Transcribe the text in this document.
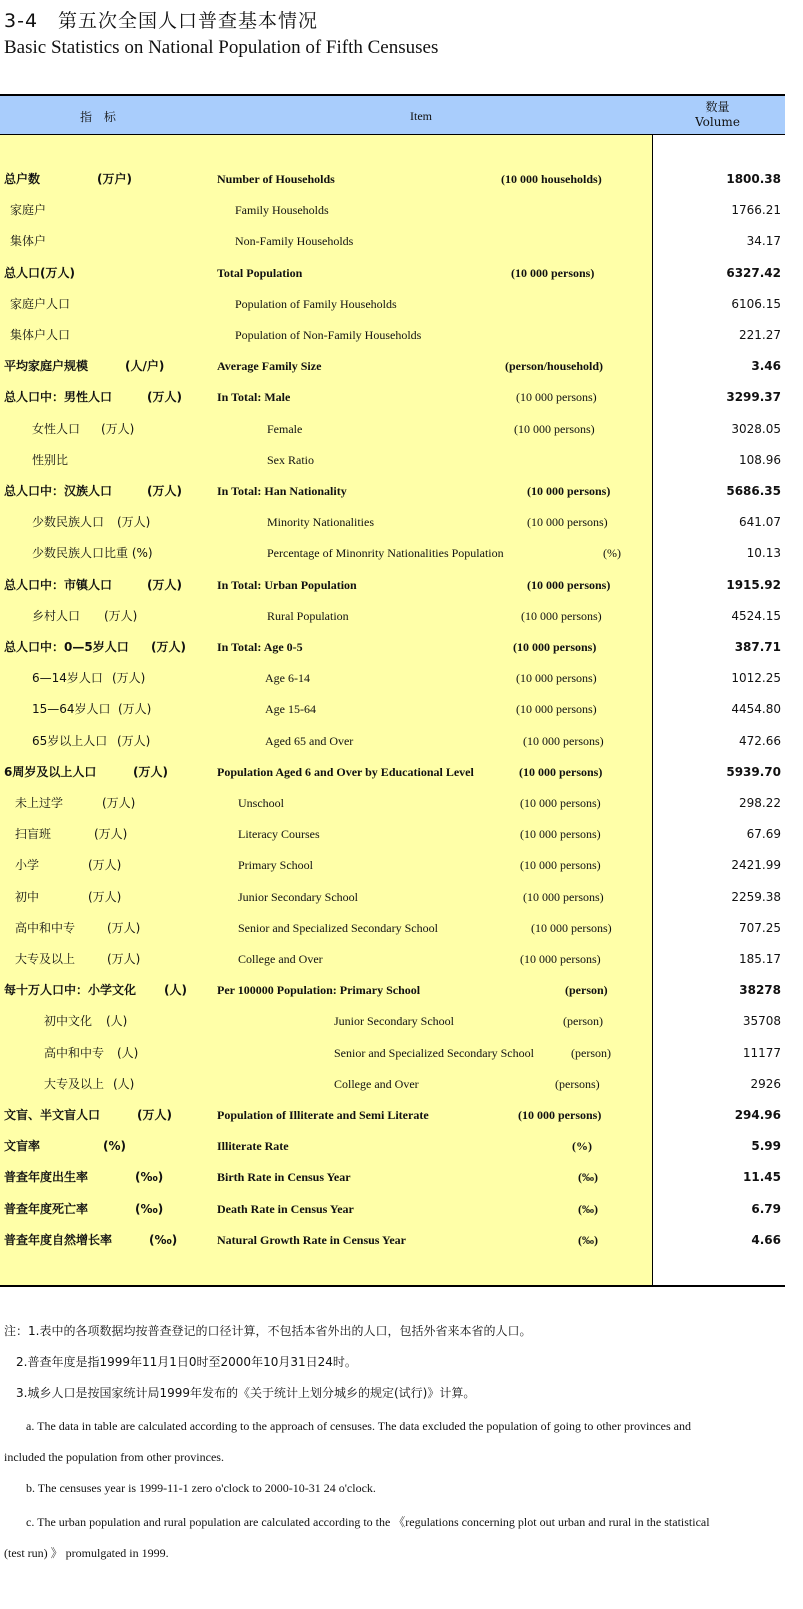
3-4　第五次全国人口普查基本情况
Basic Statistics on National Population of Fifth Censuses
指 标	Item
数量
Volume
总户数	(万户)	Number of Households	(10 000 households)	1800.38
家庭户	Family Households	1766.21
集体户	Non-Family Households	34.17
总人口(万人)	Total Population	(10 000 persons)	6327.42
家庭户人口	Population of Family Households	6106.15
集体户人口	Population of Non-Family Households	221.27
平均家庭户规模	(人/户)	Average Family Size	(person/household)	3.46
总人口中：男性人口	(万人)	In Total: Male	(10 000 persons)	3299.37
女性人口 (万人)	Female	(10 000 persons)	3028.05
性别比	Sex Ratio	108.96
总人口中：汉族人口	(万人)	In Total: Han Nationality	(10 000 persons)	5686.35
少数民族人口 (万人)	Minority Nationalities	(10 000 persons)	641.07
少数民族人口比重 (%)	Percentage of Minonrity Nationalities Population	(%)	10.13
总人口中：市镇人口	(万人)	In Total: Urban Population	(10 000 persons)	1915.92
乡村人口 (万人)	Rural Population	(10 000 persons)	4524.15
总人口中：0—5岁人口 (万人)	In Total: Age 0-5	(10 000 persons)	387.71
6—14岁人口 (万人)	Age 6-14	(10 000 persons)	1012.25
15—64岁人口 (万人)	Age 15-64	(10 000 persons)	4454.80
65岁以上人口 (万人)	Aged 65 and Over	(10 000 persons)	472.66
6周岁及以上人口	(万人)	Population Aged 6 and Over by Educational Level	(10 000 persons)	5939.70
未上过学	(万人)	Unschool	(10 000 persons)	298.22
扫盲班	(万人)	Literacy Courses	(10 000 persons)	67.69
小学	(万人)	Primary School	(10 000 persons)	2421.99
初中	(万人)	Junior Secondary School	(10 000 persons)	2259.38
高中和中专	(万人)	Senior and Specialized Secondary School	(10 000 persons)	707.25
大专及以上	(万人)	College and Over	(10 000 persons)	185.17
每十万人口中：小学文化 (人)	Per 100000 Population: Primary School	(person)	38278
初中文化 (人)	Junior Secondary School	(person)	35708
高中和中专 (人)	Senior and Specialized Secondary School	(person)	11177
大专及以上 (人)	College and Over	(persons)	2926
文盲、半文盲人口	(万人)	Population of Illiterate and Semi Literate	(10 000 persons)	294.96
文盲率	(%)	Illiterate Rate	(%)	5.99
普查年度出生率	(‰)	Birth Rate in Census Year	(‰)	11.45
普查年度死亡率	(‰)	Death Rate in Census Year	(‰)	6.79
普查年度自然增长率	(‰)	Natural Growth Rate in Census Year	(‰)	4.66
注：1.表中的各项数据均按普查登记的口径计算，不包括本省外出的人口，包括外省来本省的人口。
2.普查年度是指1999年11月1日0时至2000年10月31日24时。
3.城乡人口是按国家统计局1999年发布的《关于统计上划分城乡的规定(试行)》计算。
a. The data in table are calculated according to the approach of censuses. The data excluded the population of going to other provinces and
included the population from other provinces.
b. The censuses year is 1999-11-1 zero o'clock to 2000-10-31 24 o'clock.
c. The urban population and rural population are calculated according to the 《regulations concerning plot out urban and rural in the statistical
(test run) 》 promulgated in 1999.
